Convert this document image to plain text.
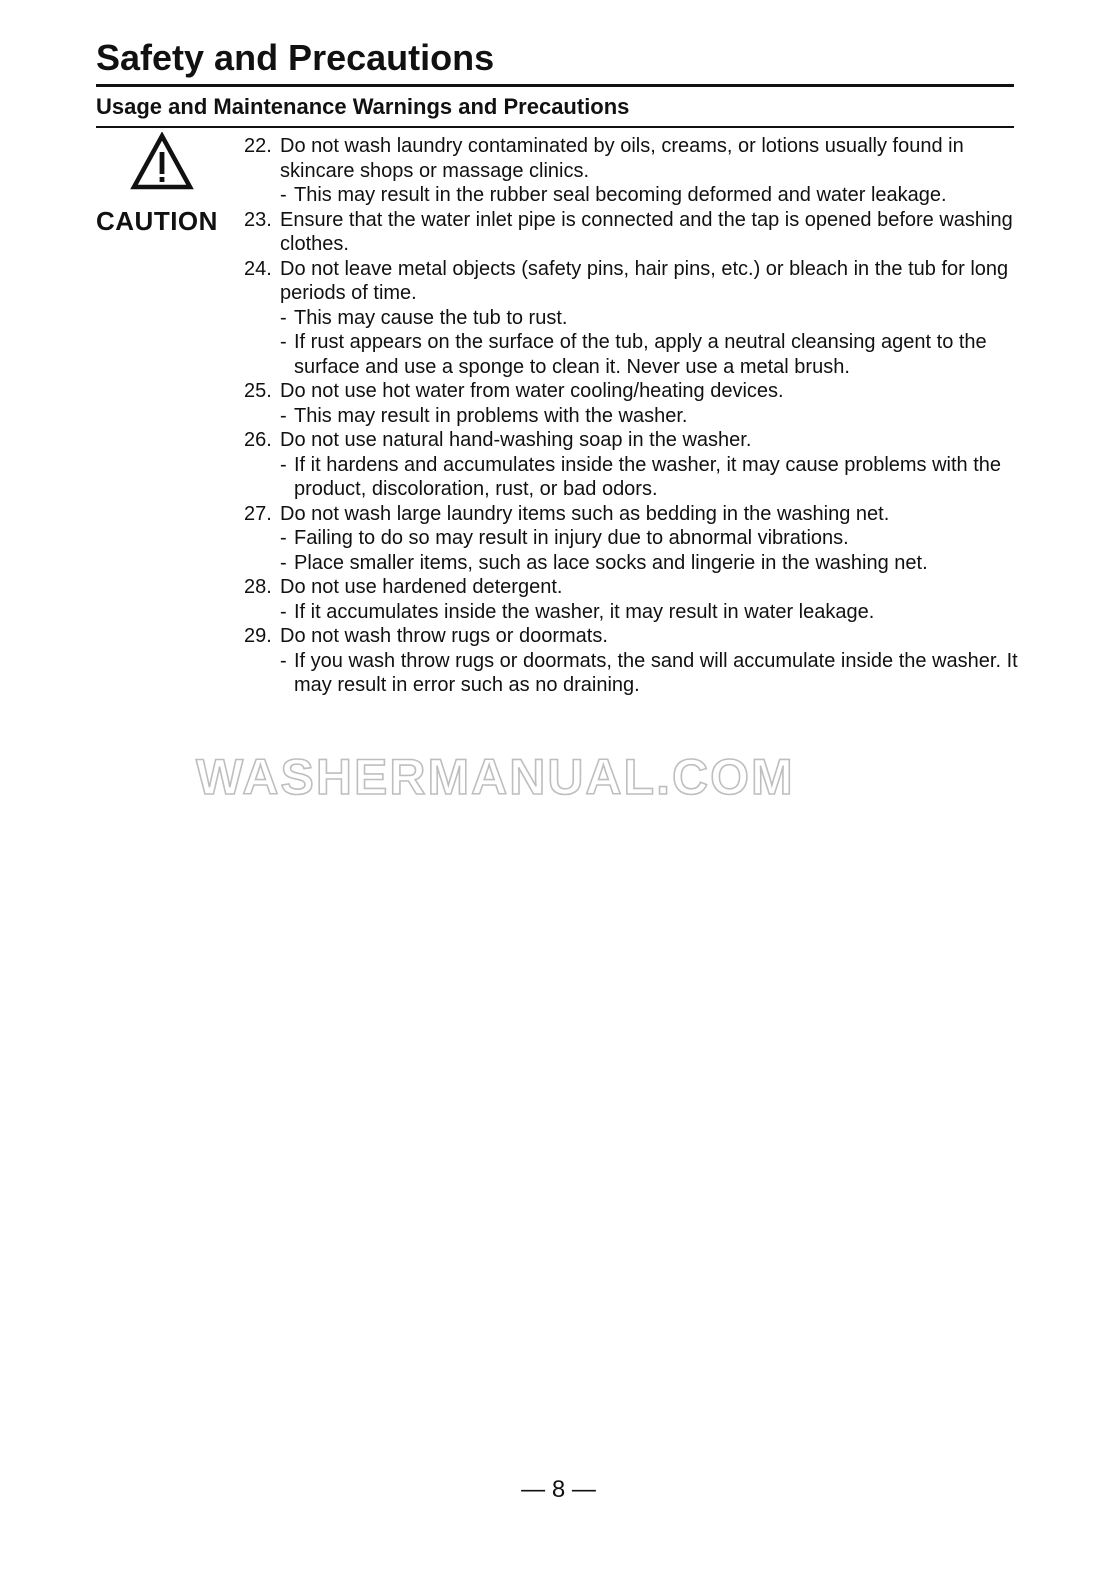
Safety and Precautions
Usage and Maintenance Warnings and Precautions
CAUTION
22. Do not wash laundry contaminated by oils, creams, or lotions usually found in skincare shops or massage clinics.
- This may result in the rubber seal becoming deformed and water leakage.
23. Ensure that the water inlet pipe is connected and the tap is opened before washing clothes.
24. Do not leave metal objects (safety pins, hair pins, etc.) or bleach in the tub for long periods of time.
- This may cause the tub to rust.
- If rust appears on the surface of the tub, apply a neutral cleansing agent to the surface and use a sponge to clean it. Never use a metal brush.
25. Do not use hot water from water cooling/heating devices.
- This may result in problems with the washer.
26. Do not use natural hand-washing soap in the washer.
- If it hardens and accumulates inside the washer, it may cause problems with the product, discoloration, rust, or bad odors.
27. Do not wash large laundry items such as bedding in the washing net.
- Failing to do so may result in injury due to abnormal vibrations.
- Place smaller items, such as lace socks and lingerie in the washing net.
28. Do not use hardened detergent.
- If it accumulates inside the washer, it may result in water leakage.
29. Do not wash throw rugs or doormats.
- If you wash throw rugs or doormats, the sand will accumulate inside the washer. It may result in error such as no draining.
WASHERMANUAL.COM
— 8 —
